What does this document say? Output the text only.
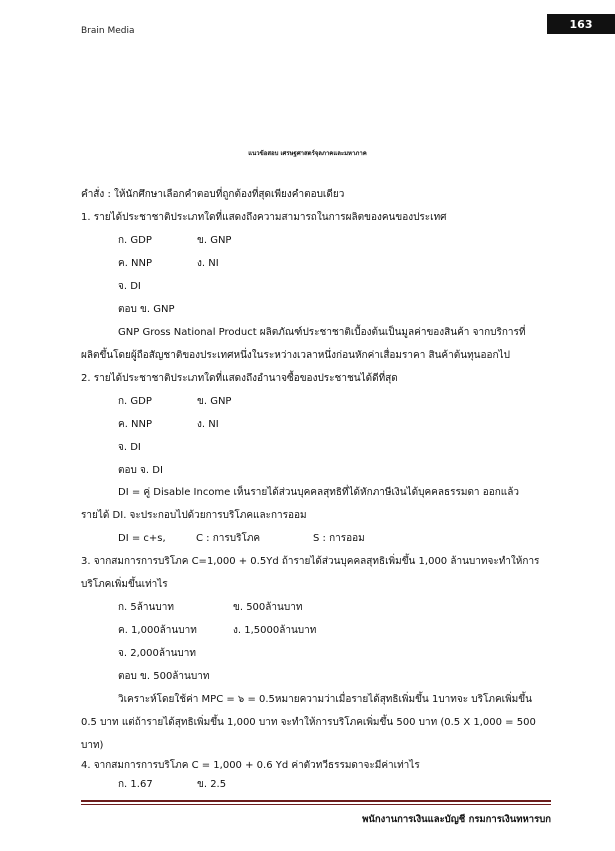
163
Brain Media
แนวข้อสอบ เศรษฐศาสตร์จุลภาคและมหาภาค
คำสั่ง : ให้นักศึกษาเลือกคำตอบที่ถูกต้องที่สุดเพียงคำตอบเดียว
1. รายได้ประชาชาติประเภทใดที่แสดงถึงความสามารถในการผลิตของคนของประเทศ
ก. GDP	ข. GNP
ค. NNP	ง. NI
จ. DI
ตอบ ข. GNP
GNP Gross National Product ผลิตภัณฑ์ประชาชาติเบื้องต้นเป็นมูลค่าของสินค้า จากบริการที่
ผลิตขึ้นโดยผู้ถือสัญชาติของประเทศหนึ่งในระหว่างเวลาหนึ่งก่อนหักค่าเสื่อมราคา สินค้าต้นทุนออกไป
2. รายได้ประชาชาติประเภทใดที่แสดงถึงอำนาจซื้อของประชาชนได้ดีที่สุด
ก. GDP	ข. GNP
ค. NNP	ง. NI
จ. DI
ตอบ จ. DI
DI = คู่ Disable Income เห็นรายได้ส่วนบุคคลสุทธิที่ได้หักภาษีเงินได้บุคคลธรรมดา ออกแล้ว
รายได้ DI. จะประกอบไปด้วยการบริโภคและการออม
DI = c+s,	C : การบริโภค	S : การออม
3. จากสมการการบริโภค C=1,000 + 0.5Yd ถ้ารายได้ส่วนบุคคลสุทธิเพิ่มขึ้น 1,000 ล้านบาทจะทำให้การ
บริโภคเพิ่มขึ้นเท่าไร
ก. 5ล้านบาท	ข. 500ล้านบาท
ค. 1,000ล้านบาท	ง. 1,5000ล้านบาท
จ. 2,000ล้านบาท
ตอบ ข. 500ล้านบาท
วิเคราะห์โดยใช้ค่า MPC = ๖ = 0.5หมายความว่าเมื่อรายได้สุทธิเพิ่มขึ้น 1บาทจะ บริโภคเพิ่มขึ้น
0.5 บาท แต่ถ้ารายได้สุทธิเพิ่มขึ้น 1,000 บาท จะทำให้การบริโภคเพิ่มขึ้น 500 บาท (0.5 X 1,000 = 500
บาท)
4. จากสมการการบริโภค C = 1,000 + 0.6 Yd ค่าตัวทวีธรรมดาจะมีค่าเท่าไร
ก. 1.67	ข. 2.5
พนักงานการเงินและบัญชี กรมการเงินทหารบก
